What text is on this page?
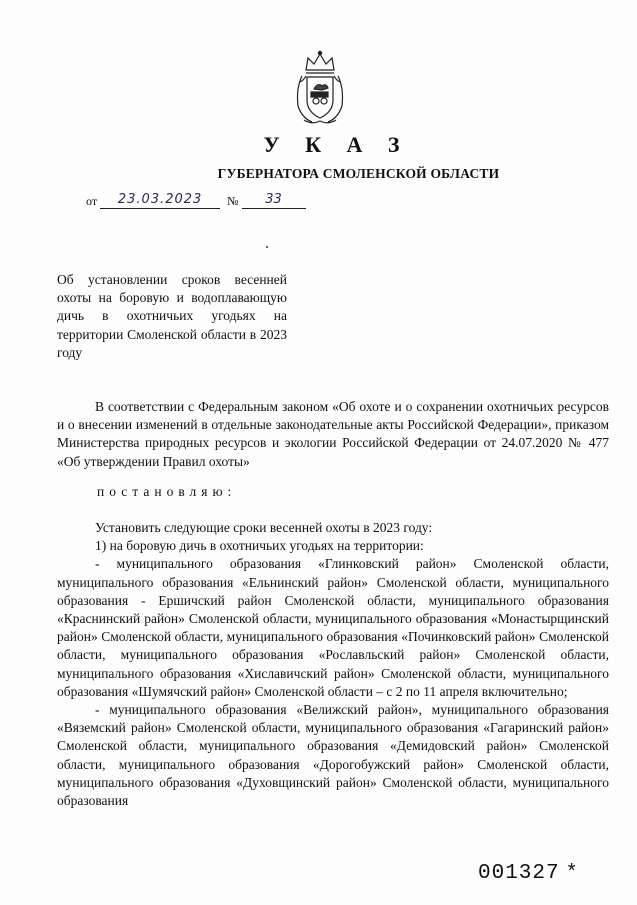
У К А З
ГУБЕРНАТОРА СМОЛЕНСКОЙ ОБЛАСТИ
от 23.03.2023 № 33
Об установлении сроков весенней охоты на боровую и водоплавающую дичь в охотничьих угодьях на территории Смоленской области в 2023 году
В соответствии с Федеральным законом «Об охоте и о сохранении охотничьих ресурсов и о внесении изменений в отдельные законодательные акты Российской Федерации», приказом Министерства природных ресурсов и экологии Российской Федерации от 24.07.2020 № 477 «Об утверждении Правил охоты»
постановляю:

Установить следующие сроки весенней охоты в 2023 году:

1) на боровую дичь в охотничьих угодьях на территории:

- муниципального образования «Глинковский район» Смоленской области, муниципального образования «Ельнинский район» Смоленской области, муниципального образования - Ершичский район Смоленской области, муниципального образования «Краснинский район» Смоленской области, муниципального образования «Монастырщинский район» Смоленской области, муниципального образования «Починковский район» Смоленской области, муниципального образования «Рославльский район» Смоленской области, муниципального образования «Хиславичский район» Смоленской области, муниципального образования «Шумячский район» Смоленской области – с 2 по 11 апреля включительно;

- муниципального образования «Велижский район», муниципального образования «Вяземский район» Смоленской области, муниципального образования «Гагаринский район» Смоленской области, муниципального образования «Демидовский район» Смоленской области, муниципального образования «Дорогобужский район» Смоленской области, муниципального образования «Духовщинский район» Смоленской области, муниципального образования

001327 *
